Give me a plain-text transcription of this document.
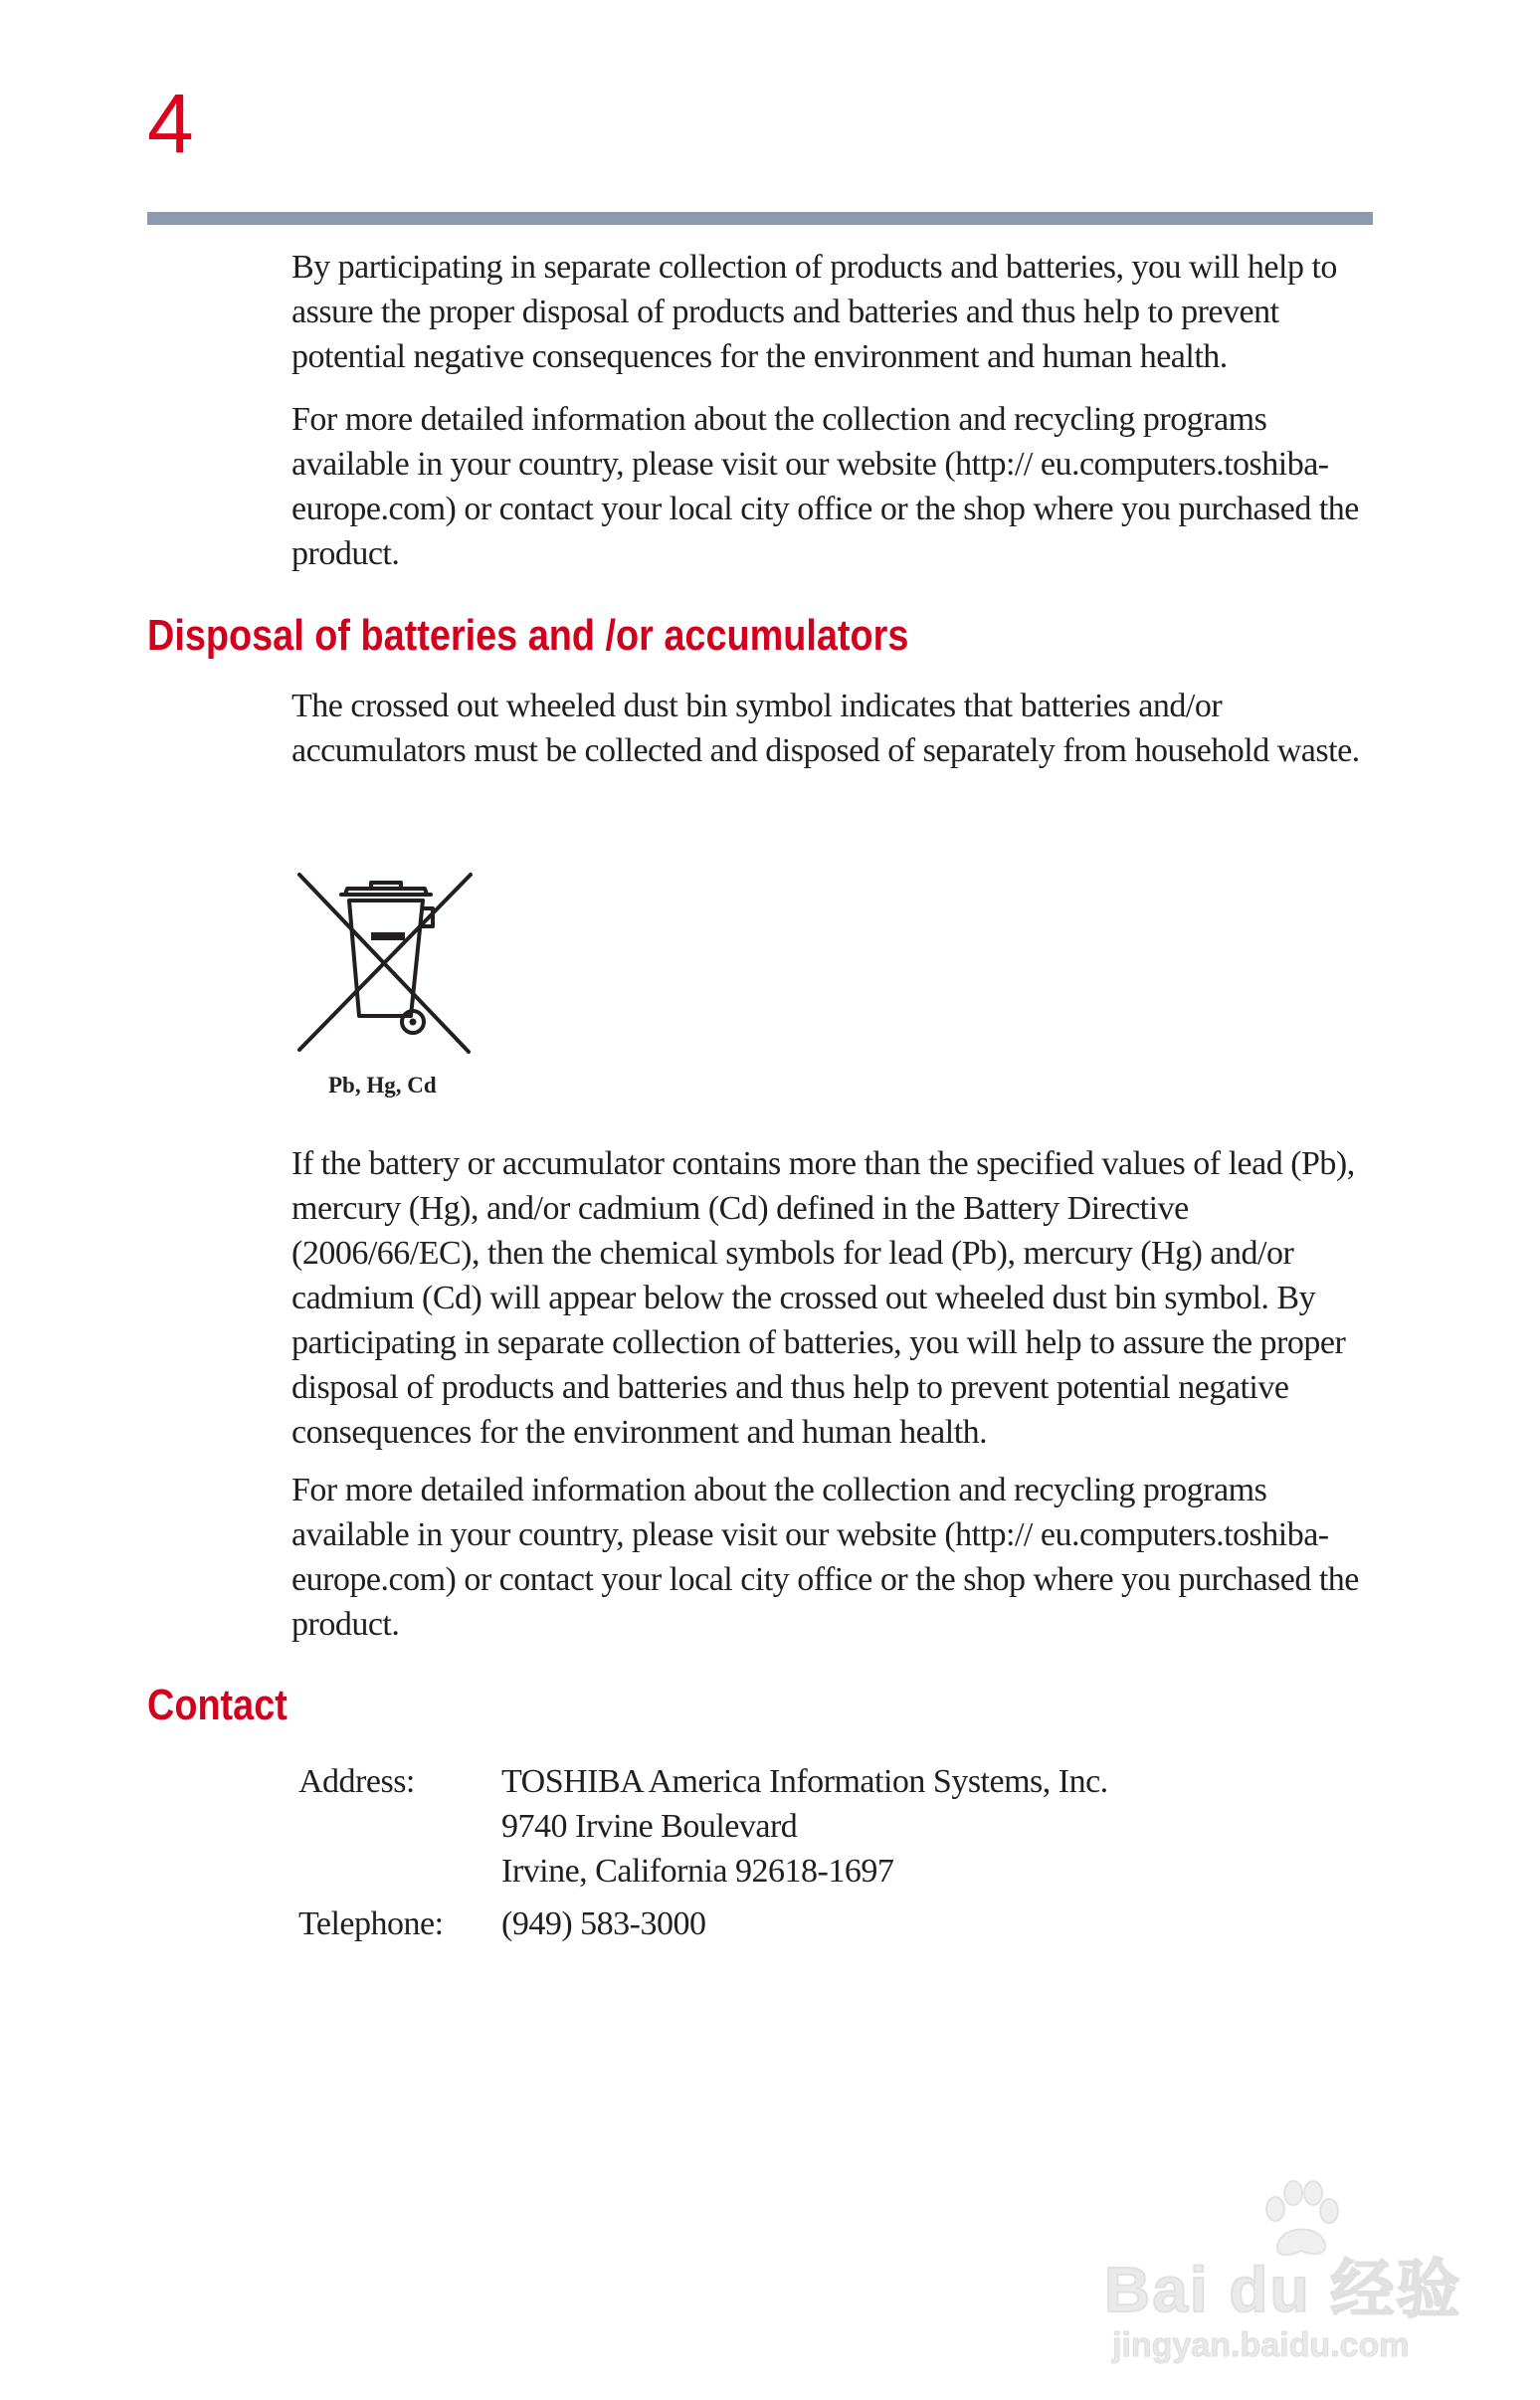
4

By participating in separate collection of products and batteries, you will help to assure the proper disposal of products and batteries and thus help to prevent potential negative consequences for the environment and human health.

For more detailed information about the collection and recycling programs available in your country, please visit our website (http:// eu.computers.toshiba-europe.com) or contact your local city office or the shop where you purchased the product.

Disposal of batteries and /or accumulators

The crossed out wheeled dust bin symbol indicates that batteries and/or accumulators must be collected and disposed of separately from household waste.

Pb, Hg, Cd

If the battery or accumulator contains more than the specified values of lead (Pb), mercury (Hg), and/or cadmium (Cd) defined in the Battery Directive (2006/66/EC), then the chemical symbols for lead (Pb), mercury (Hg) and/or cadmium (Cd) will appear below the crossed out wheeled dust bin symbol. By participating in separate collection of batteries, you will help to assure the proper disposal of products and batteries and thus help to prevent potential negative consequences for the environment and human health.

For more detailed information about the collection and recycling programs available in your country, please visit our website (http:// eu.computers.toshiba-europe.com) or contact your local city office or the shop where you purchased the product.

Contact
Address:	TOSHIBA America Information Systems, Inc.
9740 Irvine Boulevard
Irvine, California 92618-1697
Telephone:	(949) 583-3000
Bai du 经验
jingyan.baidu.com
